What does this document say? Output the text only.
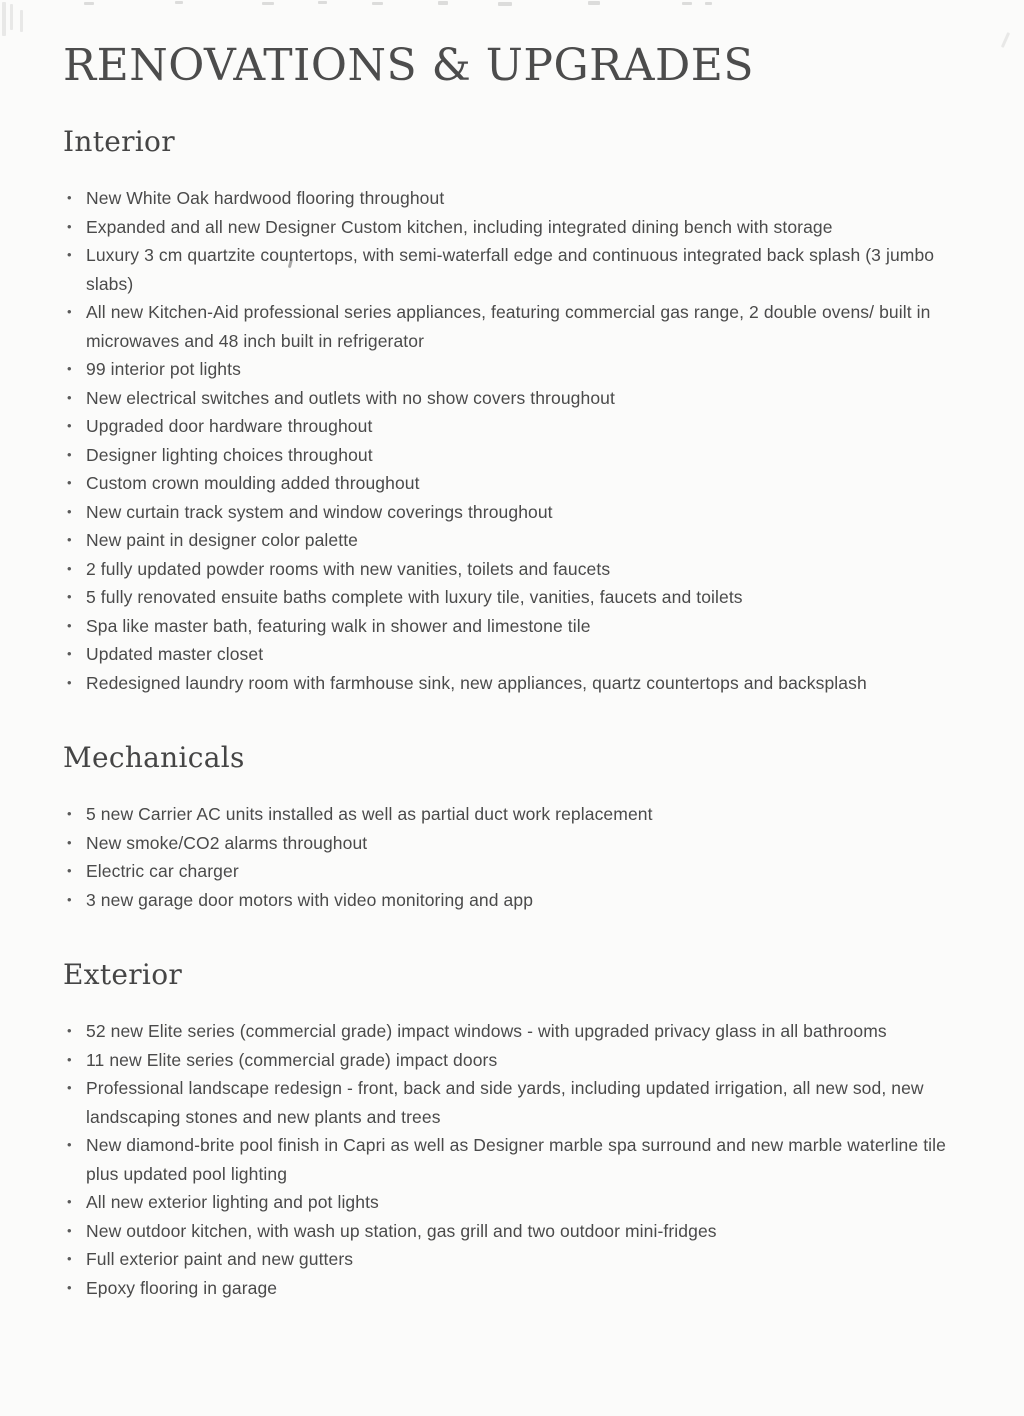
RENOVATIONS & UPGRADES
Interior
• New White Oak hardwood flooring throughout
• Expanded and all new Designer Custom kitchen, including integrated dining bench with storage
• Luxury 3 cm quartzite countertops, with semi-waterfall edge and continuous integrated back splash (3 jumbo slabs)
• All new Kitchen-Aid professional series appliances, featuring commercial gas range, 2 double ovens/ built in microwaves and 48 inch built in refrigerator
• 99 interior pot lights
• New electrical switches and outlets with no show covers throughout
• Upgraded door hardware throughout
• Designer lighting choices throughout
• Custom crown moulding added throughout
• New curtain track system and window coverings throughout
• New paint in designer color palette
• 2 fully updated powder rooms with new vanities, toilets and faucets
• 5 fully renovated ensuite baths complete with luxury tile, vanities, faucets and toilets
• Spa like master bath, featuring walk in shower and limestone tile
• Updated master closet
• Redesigned laundry room with farmhouse sink, new appliances, quartz countertops and backsplash
Mechanicals
• 5 new Carrier AC units installed as well as partial duct work replacement
• New smoke/CO2 alarms throughout
• Electric car charger
• 3 new garage door motors with video monitoring and app
Exterior
• 52 new Elite series (commercial grade) impact windows - with upgraded privacy glass in all bathrooms
• 11 new Elite series (commercial grade) impact doors
• Professional landscape redesign - front, back and side yards, including updated irrigation, all new sod, new landscaping stones and new plants and trees
• New diamond-brite pool finish in Capri as well as Designer marble spa surround and new marble waterline tile plus updated pool lighting
• All new exterior lighting and pot lights
• New outdoor kitchen, with wash up station, gas grill and two outdoor mini-fridges
• Full exterior paint and new gutters
• Epoxy flooring in garage
